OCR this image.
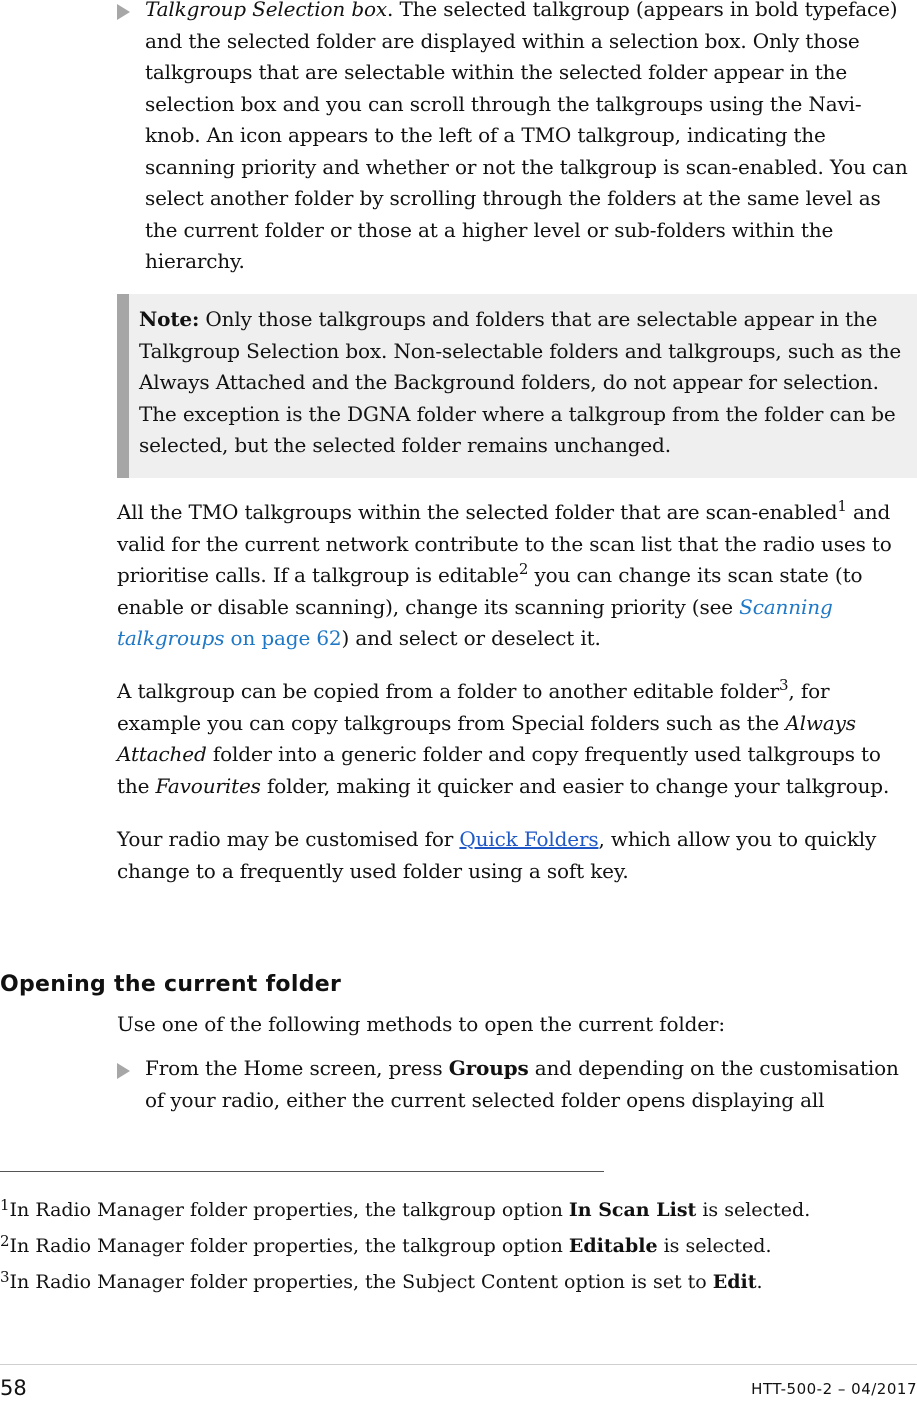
Talkgroup Selection box. The selected talkgroup (appears in bold typeface) and the selected folder are displayed within a selection box. Only those talkgroups that are selectable within the selected folder appear in the selection box and you can scroll through the talkgroups using the Navi-knob. An icon appears to the left of a TMO talkgroup, indicating the scanning priority and whether or not the talkgroup is scan-enabled. You can select another folder by scrolling through the folders at the same level as the current folder or those at a higher level or sub-folders within the hierarchy.
Note: Only those talkgroups and folders that are selectable appear in the Talkgroup Selection box. Non-selectable folders and talkgroups, such as the Always Attached and the Background folders, do not appear for selection. The exception is the DGNA folder where a talkgroup from the folder can be selected, but the selected folder remains unchanged.
All the TMO talkgroups within the selected folder that are scan-enabled$^1$ and valid for the current network contribute to the scan list that the radio uses to prioritise calls. If a talkgroup is editable$^2$ you can change its scan state (to enable or disable scanning), change its scanning priority (see Scanning talkgroups on page 62) and select or deselect it.
A talkgroup can be copied from a folder to another editable folder$^3$, for example you can copy talkgroups from Special folders such as the Always Attached folder into a generic folder and copy frequently used talkgroups to the Favourites folder, making it quicker and easier to change your talkgroup.
Your radio may be customised for Quick Folders, which allow you to quickly change to a frequently used folder using a soft key.
Opening the current folder
Use one of the following methods to open the current folder:
From the Home screen, press Groups and depending on the customisation of your radio, either the current selected folder opens displaying all
$^1$In Radio Manager folder properties, the talkgroup option In Scan List is selected.
$^2$In Radio Manager folder properties, the talkgroup option Editable is selected.
$^3$In Radio Manager folder properties, the Subject Content option is set to Edit.
58	HTT-500-2 – 04/2017
